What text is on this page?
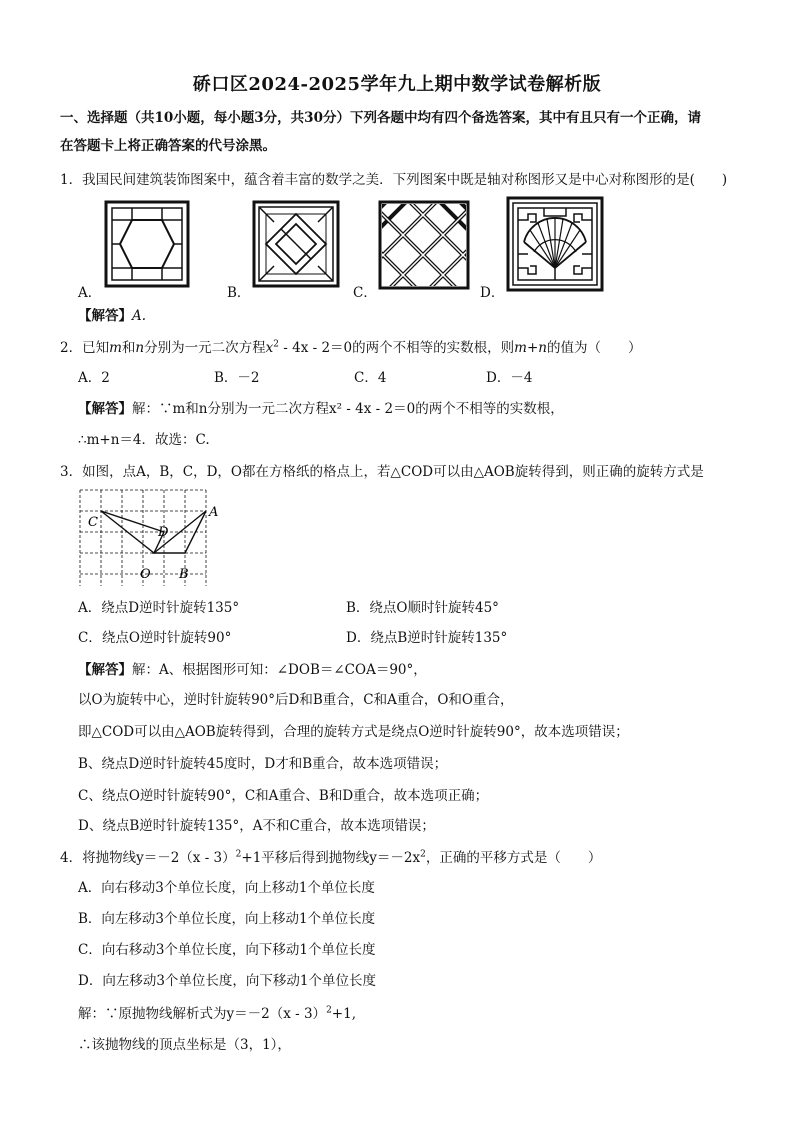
硚口区2024-2025学年九上期中数学试卷解析版
一、选择题（共10小题，每小题3分，共30分）下列各题中均有四个备选答案，其中有且只有一个正确，请
在答题卡上将正确答案的代号涂黑。
1．我国民间建筑装饰图案中，蕴含着丰富的数学之美．下列图案中既是轴对称图形又是中心对称图形的是(　　)
A．	B．	C．	D．
【解答】A.
2．已知m和n分别为一元二次方程$x^2 - 4x - 2=0$的两个不相等的实数根，则m+n的值为（　　）
A．2	B．－2	C．4	D．－4
【解答】解：∵m和n分别为一元二次方程x² - 4x - 2＝0的两个不相等的实数根，
∴m+n＝4．故选：C.
3．如图，点A，B，C，D，O都在方格纸的格点上，若△COD可以由△AOB旋转得到，则正确的旋转方式是
C
D
A
O B
A．绕点D逆时针旋转135°	B．绕点O顺时针旋转45°
C．绕点O逆时针旋转90°	D．绕点B逆时针旋转135°
【解答】解：A、根据图形可知：∠DOB＝∠COA＝90°，
以O为旋转中心，逆时针旋转90°后D和B重合，C和A重合，O和O重合，
即△COD可以由△AOB旋转得到，合理的旋转方式是绕点O逆时针旋转90°，故本选项错误；
B、绕点D逆时针旋转45度时，D才和B重合，故本选项错误；
C、绕点O逆时针旋转90°，C和A重合、B和D重合，故本选项正确；
D、绕点B逆时针旋转135°，A不和C重合，故本选项错误；
4．将抛物线y＝－2（x - 3）$^2$+1平移后得到抛物线$y=-2x^2$，正确的平移方式是（　　）
A．向右移动3个单位长度，向上移动1个单位长度
B．向左移动3个单位长度，向上移动1个单位长度
C．向右移动3个单位长度，向下移动1个单位长度
D．向左移动3个单位长度，向下移动1个单位长度
解：∵原抛物线解析式为y＝－2（x - 3）$^2$+1,
∴该抛物线的顶点坐标是（3，1），
